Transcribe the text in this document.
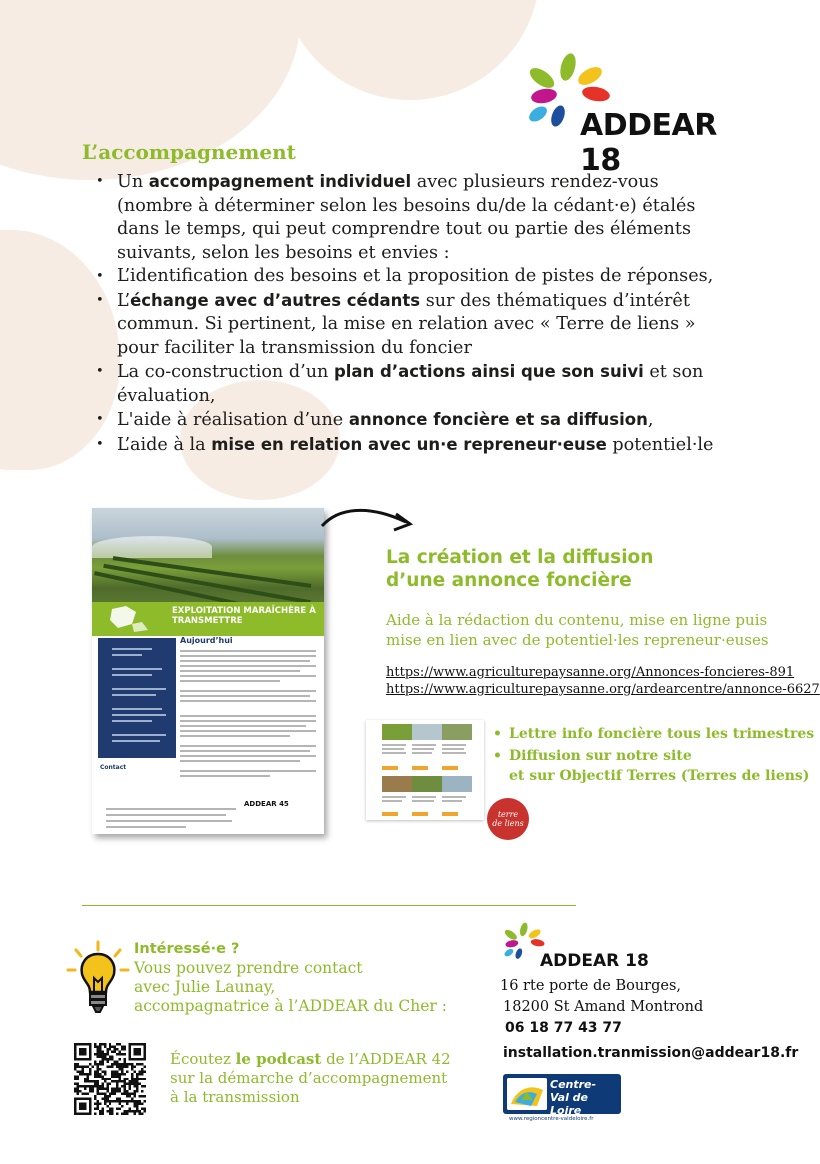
ADDEAR 18
L’accompagnement
• Un accompagnement individuel avec plusieurs rendez-vous (nombre à déterminer selon les besoins du/de la cédant·e) étalés dans le temps, qui peut comprendre tout ou partie des éléments suivants, selon les besoins et envies :
• L’identification des besoins et la proposition de pistes de réponses,
• L’échange avec d’autres cédants sur des thématiques d’intérêt commun. Si pertinent, la mise en relation avec « Terre de liens » pour faciliter la transmission du foncier
• La co-construction d’un plan d’actions ainsi que son suivi et son évaluation,
• L'aide à réalisation d’une annonce foncière et sa diffusion,
• L’aide à la mise en relation avec un·e repreneur·euse potentiel·le
EXPLOITATION MARAÎCHÈRE À
TRANSMETTRE
Aujourd’hui
Contact
ADDEAR 45
La création et la diffusion
d’une annonce foncière
Aide à la rédaction du contenu, mise en ligne puis mise en lien avec de potentiel·les repreneur·euses
https://www.agriculturepaysanne.org/Annonces-foncieres-891
https://www.agriculturepaysanne.org/ardearcentre/annonce-6627
• Lettre info foncière tous les trimestres
• Diffusion sur notre site
et sur Objectif Terres (Terres de liens)
terre
de liens
Intéressé·e ?
Vous pouvez prendre contact
avec Julie Launay,
accompagnatrice à l’ADDEAR du Cher :
Écoutez le podcast de l’ADDEAR 42
sur la démarche d’accompagnement
à la transmission
ADDEAR 18
16 rte porte de Bourges,
18200 St Amand Montrond
06 18 77 43 77
installation.tranmission@addear18.fr
Centre-
Val de Loire
www.regioncentre-valdeloire.fr
